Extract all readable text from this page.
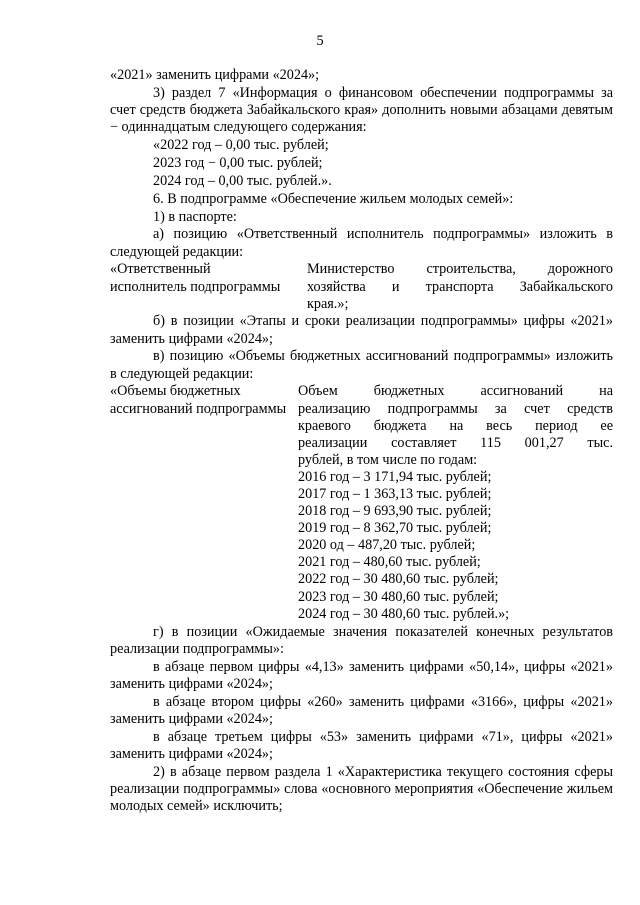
5
«2021» заменить цифрами «2024»;
3) раздел 7 «Информация о финансовом обеспечении подпрограммы за счет средств бюджета Забайкальского края» дополнить новыми абзацами девятым − одиннадцатым следующего содержания:
«2022 год – 0,00 тыс. рублей;
2023 год − 0,00 тыс. рублей;
2024 год – 0,00 тыс. рублей.».
6. В подпрограмме «Обеспечение жильем молодых семей»:
1) в паспорте:
а) позицию «Ответственный исполнитель подпрограммы» изложить в следующей редакции:
«Ответственный
исполнитель подпрограммы
Министерство строительства, дорожного
хозяйства и транспорта Забайкальского
края.»;
б) в позиции «Этапы и сроки реализации подпрограммы» цифры «2021» заменить цифрами «2024»;
в) позицию «Объемы бюджетных ассигнований подпрограммы» изложить в следующей редакции:
«Объемы бюджетных
ассигнований подпрограммы
Объем бюджетных ассигнований на
реализацию подпрограммы за счет средств
краевого бюджета на весь период ее
реализации составляет 115 001,27 тыс.
рублей, в том числе по годам:
2016 год – 3 171,94 тыс. рублей;
2017 год – 1 363,13 тыс. рублей;
2018 год – 9 693,90 тыс. рублей;
2019 год – 8 362,70 тыс. рублей;
2020 од – 487,20 тыс. рублей;
2021 год – 480,60 тыс. рублей;
2022 год – 30 480,60 тыс. рублей;
2023 год – 30 480,60 тыс. рублей;
2024 год – 30 480,60 тыс. рублей.»;
г) в позиции «Ожидаемые значения показателей конечных результатов реализации подпрограммы»:
в абзаце первом цифры «4,13» заменить цифрами «50,14», цифры «2021» заменить цифрами «2024»;
в абзаце втором цифры «260» заменить цифрами «3166», цифры «2021» заменить цифрами «2024»;
в абзаце третьем цифры «53» заменить цифрами «71», цифры «2021» заменить цифрами «2024»;
2) в абзаце первом раздела 1 «Характеристика текущего состояния сферы реализации подпрограммы» слова «основного мероприятия «Обеспечение жильем молодых семей» исключить;
